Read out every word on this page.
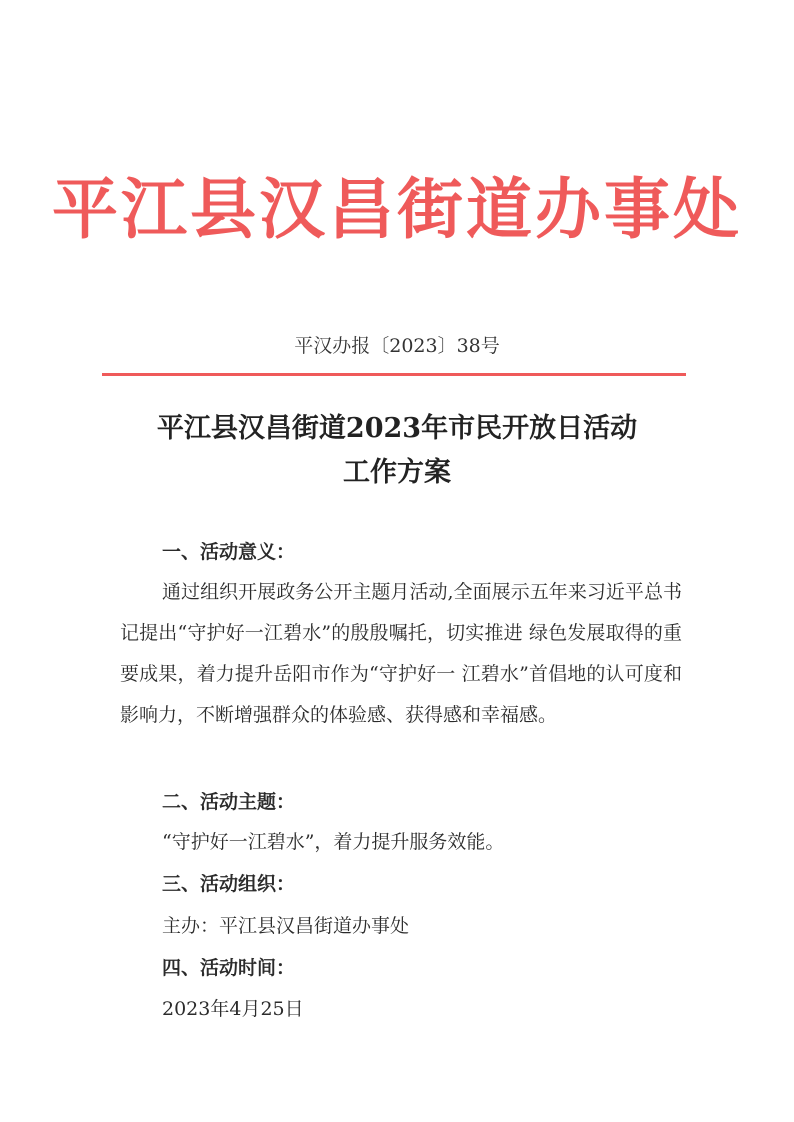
平江县汉昌街道办事处
平汉办报〔2023〕38号
平江县汉昌街道2023年市民开放日活动
工作方案
一、活动意义：
通过组织开展政务公开主题月活动,全面展示五年来习近平总书记提出“守护好一江碧水”的殷殷嘱托，切实推进 绿色发展取得的重要成果，着力提升岳阳市作为“守护好一 江碧水”首倡地的认可度和影响力，不断增强群众的体验感、获得感和幸福感。
二、活动主题：
“守护好一江碧水”，着力提升服务效能。
三、活动组织：
主办：平江县汉昌街道办事处
四、活动时间：
2023年4月25日
